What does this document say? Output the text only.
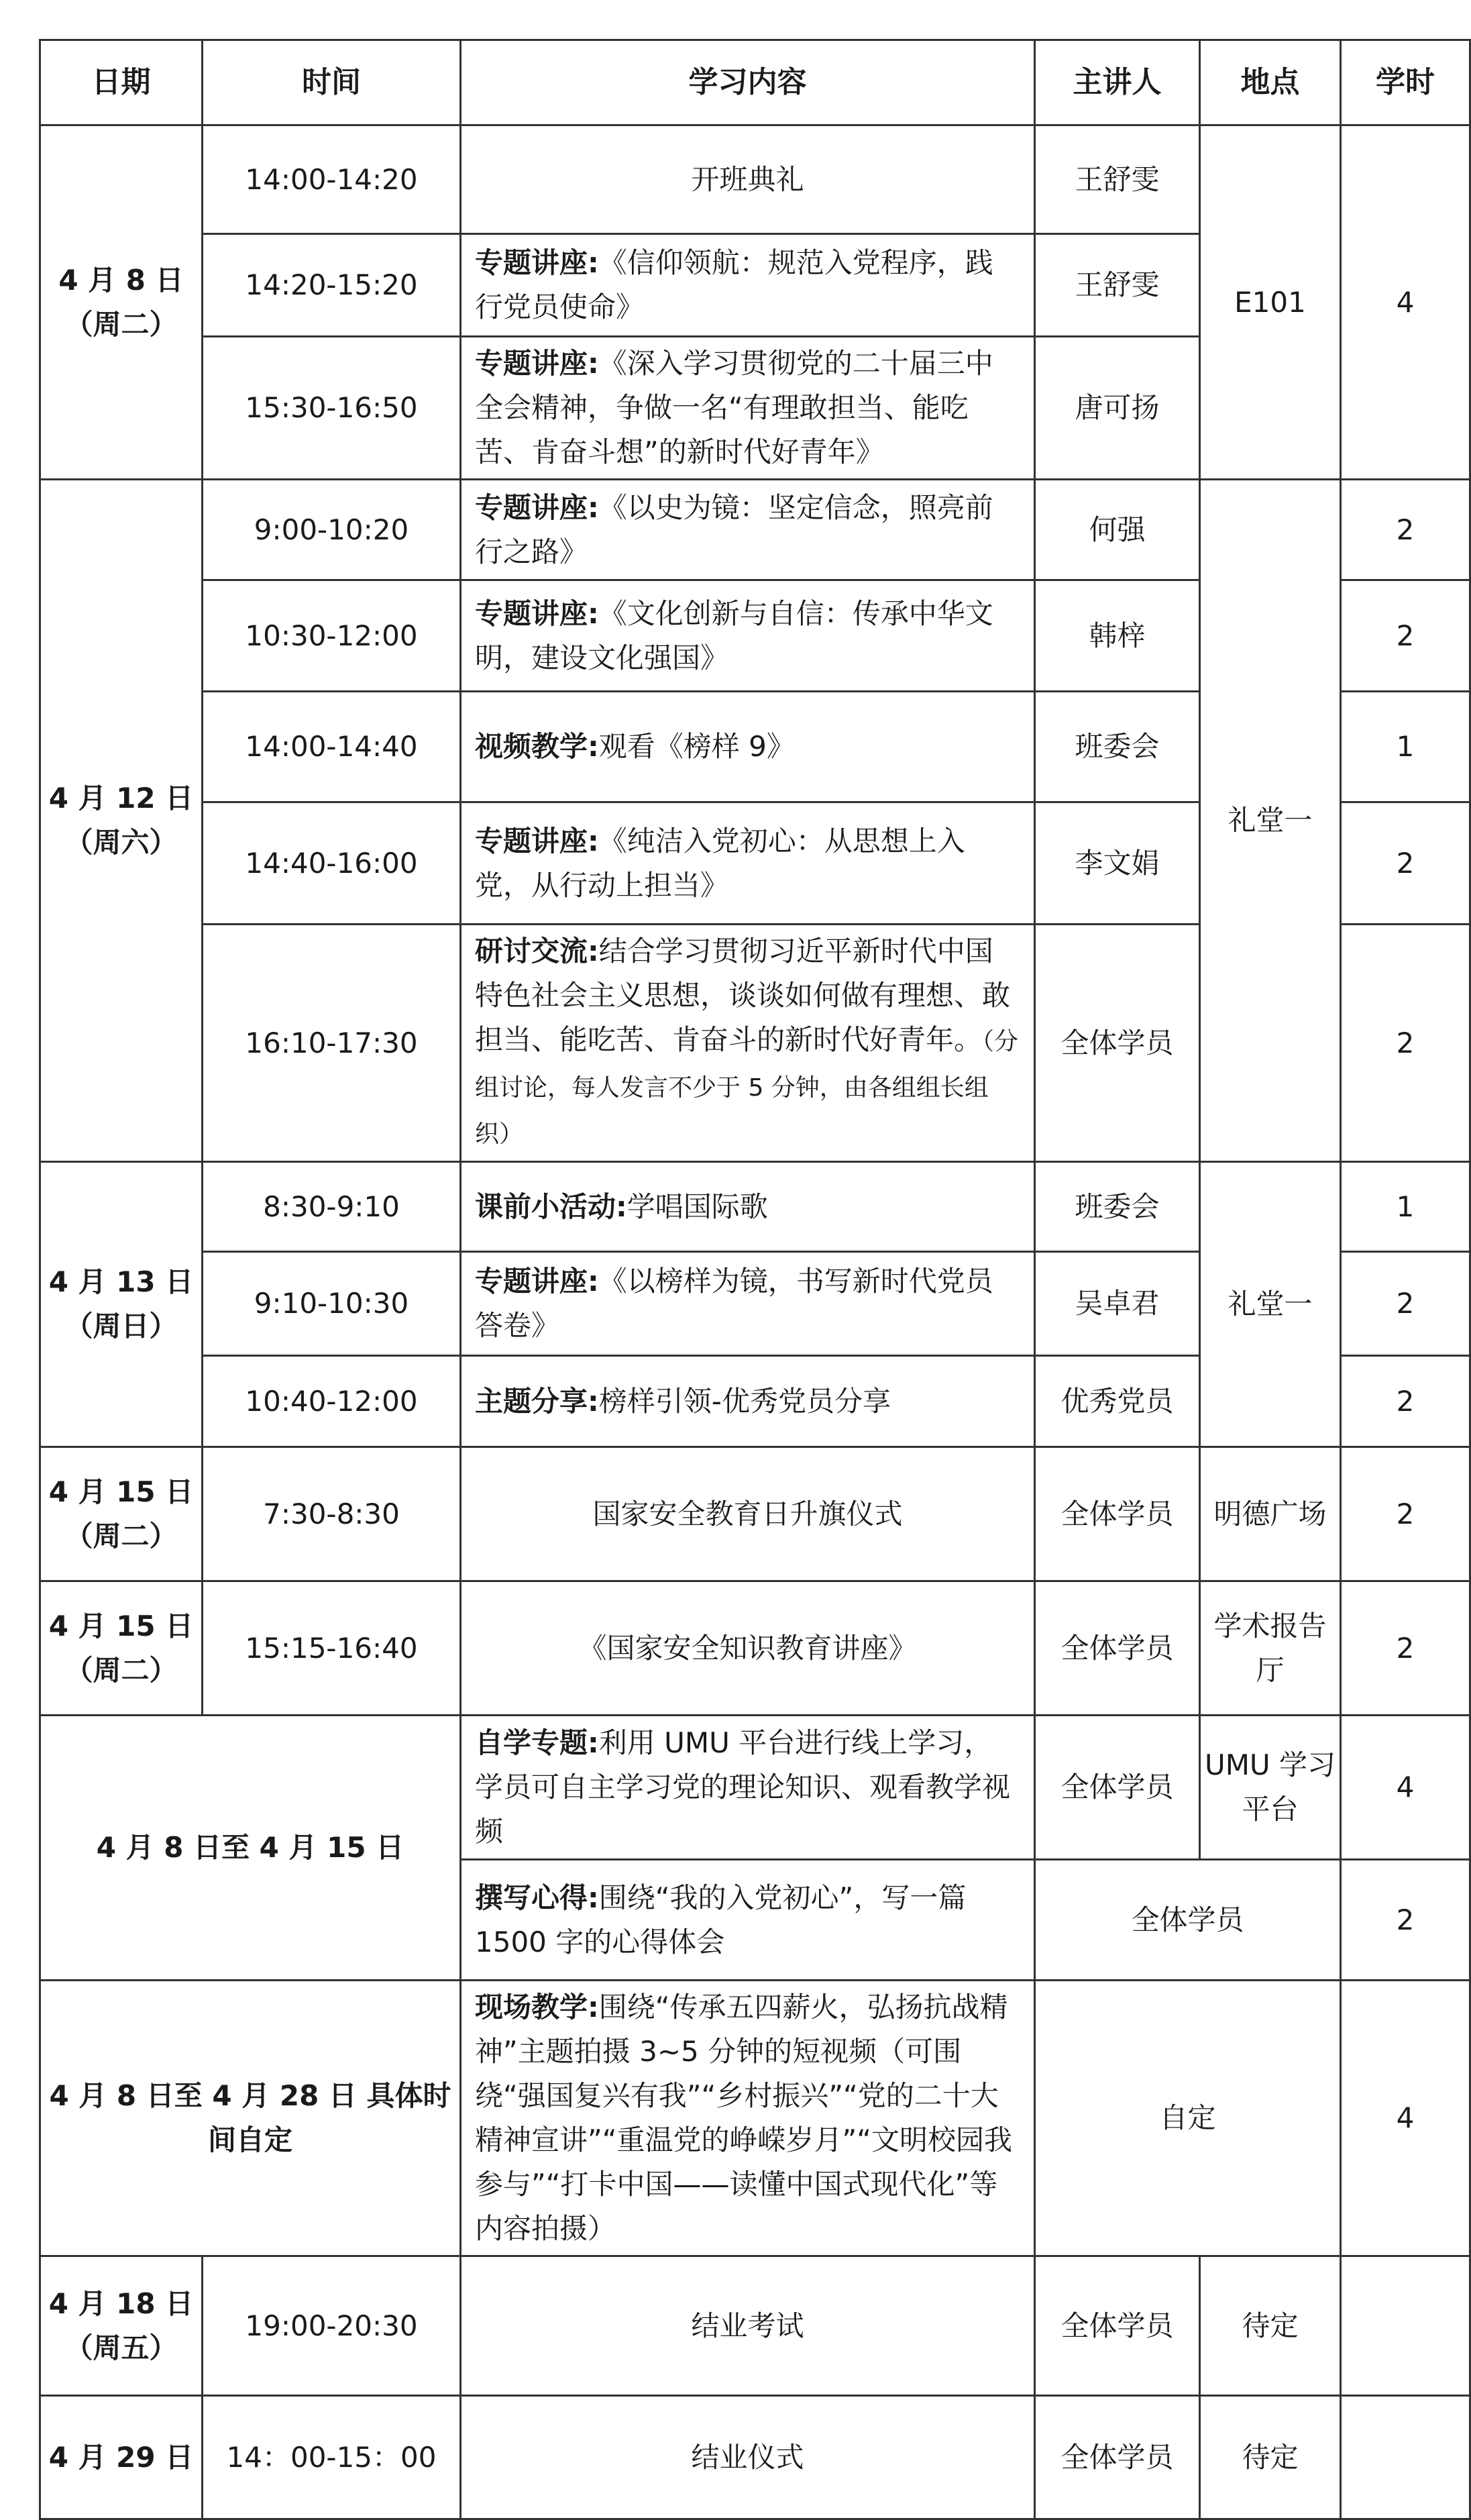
日期	时间	学习内容	主讲人	地点	学时
4 月 8 日（周二）	14:00-14:20	开班典礼	王舒雯	E101	4
	14:20-15:20	专题讲座:《信仰领航：规范入党程序，践行党员使命》	王舒雯		
	15:30-16:50	专题讲座:《深入学习贯彻党的二十届三中全会精神，争做一名“有理敢担当、能吃苦、肯奋斗想”的新时代好青年》	唐可扬		
4 月 12 日（周六）	9:00-10:20	专题讲座:《以史为镜：坚定信念，照亮前行之路》	何强	礼堂一	2
	10:30-12:00	专题讲座:《文化创新与自信：传承中华文明，建设文化强国》	韩梓		2
	14:00-14:40	视频教学:观看《榜样 9》	班委会		1
	14:40-16:00	专题讲座:《纯洁入党初心：从思想上入党，从行动上担当》	李文娟		2
	16:10-17:30	研讨交流:结合学习贯彻习近平新时代中国特色社会主义思想，谈谈如何做有理想、敢担当、能吃苦、肯奋斗的新时代好青年。（分组讨论，每人发言不少于 5 分钟，由各组组长组织）	全体学员		2
4 月 13 日（周日）	8:30-9:10	课前小活动:学唱国际歌	班委会	礼堂一	1
	9:10-10:30	专题讲座:《以榜样为镜，书写新时代党员答卷》	吴卓君		2
	10:40-12:00	主题分享:榜样引领-优秀党员分享	优秀党员		2
4 月 15 日（周二）	7:30-8:30	国家安全教育日升旗仪式	全体学员	明德广场	2
4 月 15 日（周二）	15:15-16:40	《国家安全知识教育讲座》	全体学员	学术报告厅	2
4 月 8 日至 4 月 15 日		自学专题:利用 UMU 平台进行线上学习，学员可自主学习党的理论知识、观看教学视频	全体学员	UMU 学习平台	4
		撰写心得:围绕“我的入党初心”，写一篇 1500 字的心得体会	全体学员		2
4 月 8 日至 4 月 28 日 具体时间自定		现场教学:围绕“传承五四薪火，弘扬抗战精神”主题拍摄 3~5 分钟的短视频（可围绕“强国复兴有我”“乡村振兴”“党的二十大精神宣讲”“重温党的峥嵘岁月”“文明校园我参与”“打卡中国——读懂中国式现代化”等内容拍摄）	自定		4
4 月 18 日（周五）	19:00-20:30	结业考试	全体学员	待定	
4 月 29 日	14：00-15：00	结业仪式	全体学员	待定	
